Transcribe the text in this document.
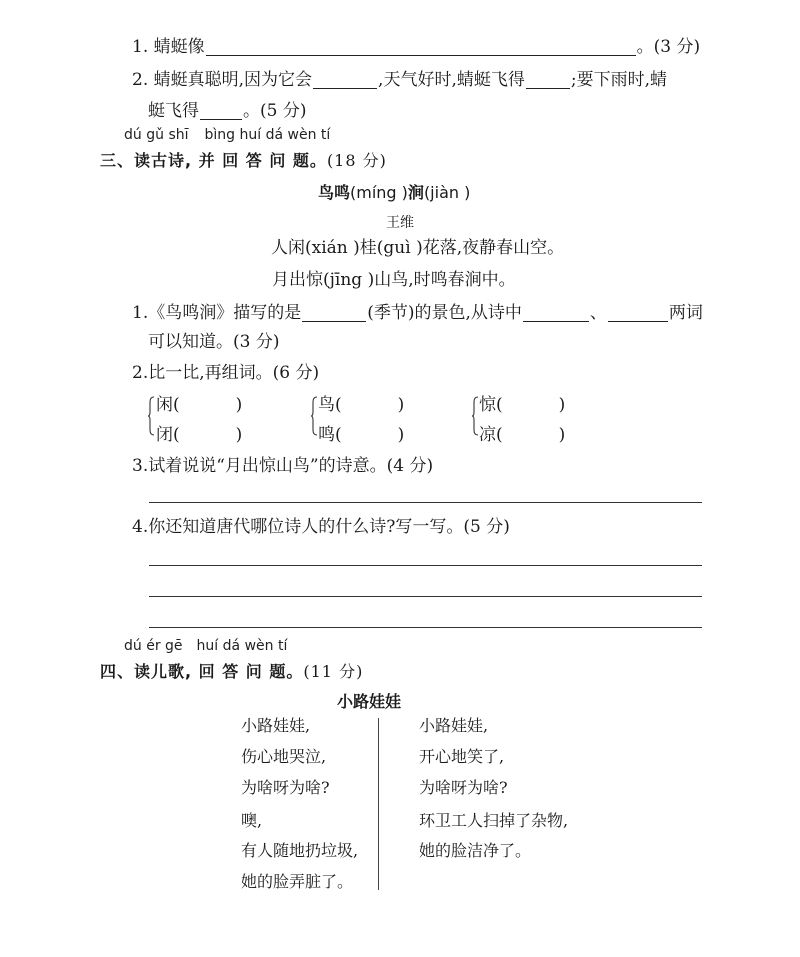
1. 蜻蜓像	。(3 分)
2. 蜻蜓真聪明,因为它会	,天气好时,蜻蜓飞得	;要下雨时,蜻
蜓飞得	。(5 分)
dú gǔ shī bìng huí dá wèn tí
三、读古诗, 并 回 答 问 题。(18 分)
鸟鸣(míng )涧(jiàn )
王维
人闲(xián )桂(guì )花落,夜静春山空。
月出惊(jīng )山鸟,时鸣春涧中。
1.《鸟鸣涧》描写的是	(季节)的景色,从诗中	、	两词
可以知道。(3 分)
2.比一比,再组词。(6 分)
闲(	)
闭(	)
鸟(	)
鸣(	)
惊(	)
凉(	)
3.试着说说“月出惊山鸟”的诗意。(4 分)
4.你还知道唐代哪位诗人的什么诗?写一写。(5 分)
dú ér gē huí dá wèn tí
四、读儿歌, 回 答 问 题。(11 分)
小路娃娃
小路娃娃,
伤心地哭泣,
为啥呀为啥?
噢,
有人随地扔垃圾,
她的脸弄脏了。
小路娃娃,
开心地笑了,
为啥呀为啥?
环卫工人扫掉了杂物,
她的脸洁净了。
